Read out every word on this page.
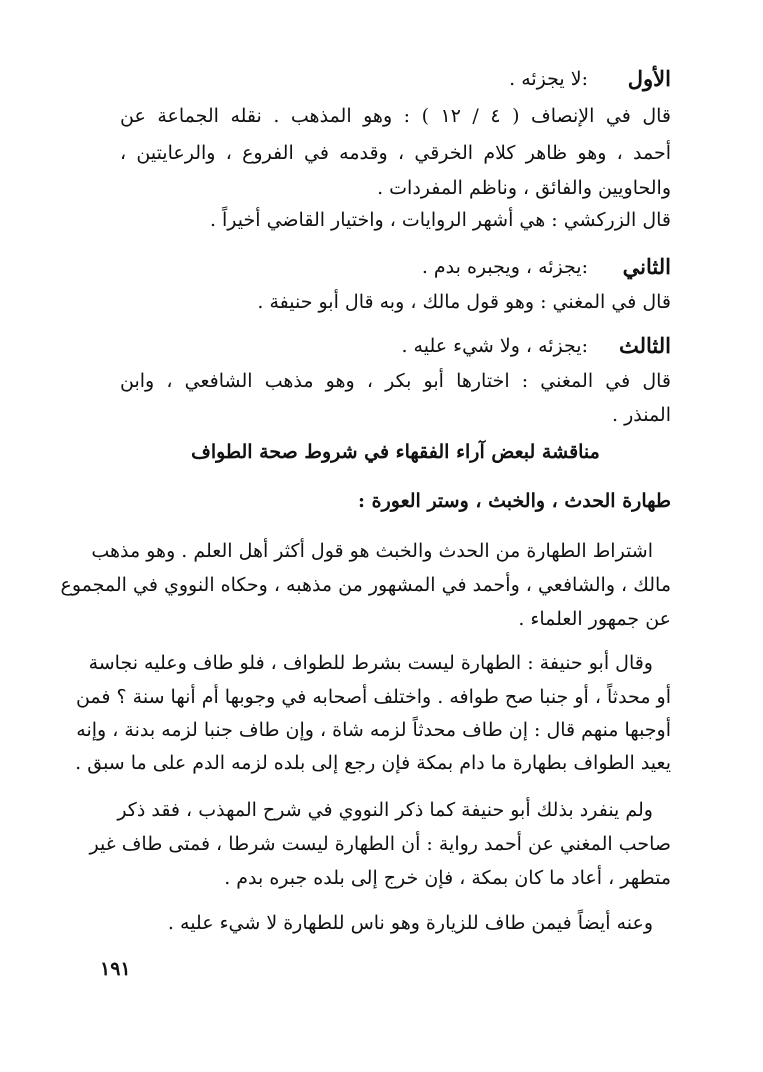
الأول
:لا يجزئه .
قال في الإنصاف ( ٤ / ١٢ ) : وهو المذهب . نقله الجماعة عن
أحمد ، وهو ظاهر كلام الخرقي ، وقدمه في الفروع ، والرعايتين ،
والحاويين والفائق ، وناظم المفردات .
قال الزركشي : هي أشهر الروايات ، واختيار القاضي أخيراً .
الثاني
:يجزئه ، ويجبره بدم .
قال في المغني : وهو قول مالك ، وبه قال أبو حنيفة .
الثالث
:يجزئه ، ولا شيء عليه .
قال في المغني : اختارها أبو بكر ، وهو مذهب الشافعي ، وابن
المنذر .
مناقشة لبعض آراء الفقهاء في شروط صحة الطواف
طهارة الحدث ، والخبث ، وستر العورة :
اشتراط الطهارة من الحدث والخبث هو قول أكثر أهل العلم . وهو مذهب
مالك ، والشافعي ، وأحمد في المشهور من مذهبه ، وحكاه النووي في المجموع
عن جمهور العلماء .
وقال أبو حنيفة : الطهارة ليست بشرط للطواف ، فلو طاف وعليه نجاسة
أو محدثاً ، أو جنبا صح طوافه . واختلف أصحابه في وجوبها أم أنها سنة ؟ فمن
أوجبها منهم قال : إن طاف محدثاً لزمه شاة ، وإن طاف جنبا لزمه بدنة ، وإنه
يعيد الطواف بطهارة ما دام بمكة فإن رجع إلى بلده لزمه الدم على ما سبق .
ولم ينفرد بذلك أبو حنيفة كما ذكر النووي في شرح المهذب ، فقد ذكر
صاحب المغني عن أحمد رواية : أن الطهارة ليست شرطا ، فمتى طاف غير
متطهر ، أعاد ما كان بمكة ، فإن خرج إلى بلده جبره بدم .
وعنه أيضاً فيمن طاف للزيارة وهو ناس للطهارة لا شيء عليه .
١٩١
